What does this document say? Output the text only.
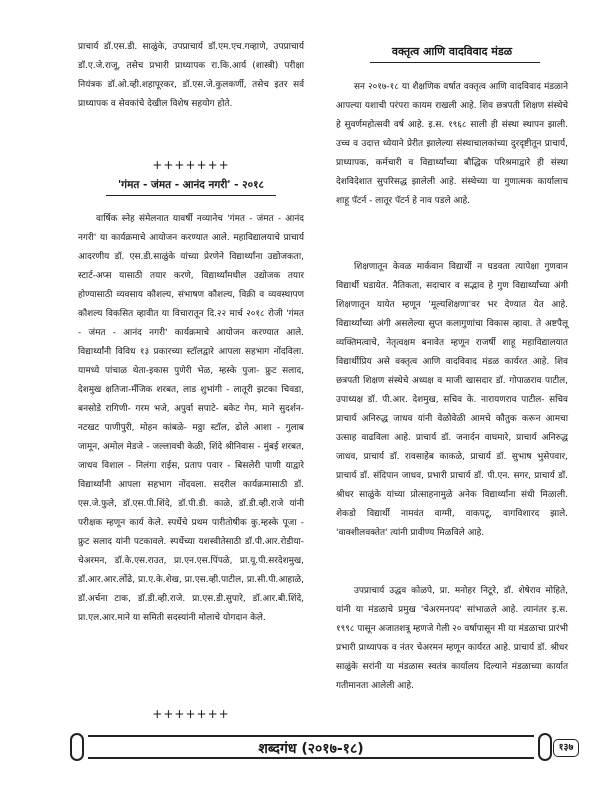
प्राचार्य डॉ.एस.डी. साळुंके, उपप्राचार्य डॉ.एम.एच.गव्हाणे, उपप्राचार्य डॉ.ए.जे.राजू, तसेच प्रभारी प्राध्यापक रा.कि.आर्य (शास्त्री) परीक्षा नियंत्रक डॉ.ओ.व्ही.शहापूरकर, डॉ.एस.जे.कुलकर्णी, तसेच इतर सर्व प्राध्यापक व सेवकांचे देखील विशेष सहयोग होते.

+++++++
'गंमत - जंमत - आनंद नगरी' - २०१८

वार्षिक स्नेह संमेलनात यावर्षी नव्यानेच 'गंमत - जंमत - आनंद नगरी' या कार्यक्रमाचे आयोजन करण्यात आले. महाविद्यालयाचे प्राचार्य आदरणीय डॉ. एस.डी.साळुंके यांच्या प्रेरणेने विद्यार्थ्यांना उद्योजकता, स्टार्ट-अप्स यासाठी तयार करणे, विद्यार्थ्यांमधील उद्योजक तयार होण्यासाठी व्यवसाय कौशल्य, संभाषण कौशल्य, विक्री व व्यवस्थापण कौशल्य विकसित व्हावीत या विचारातून दि.२२ मार्च २०१८ रोजी 'गंमत - जंमत - आनंद नगरी' कार्यक्रमाचे आयोजन करण्यात आले. विद्यार्थ्यांनी विविध १३ प्रकारच्या स्टॉलद्वारे आपला सहभाग नोंदविला. यामध्ये पांचाळ थेता-इकास पुणेरी भेळ, म्हस्के पुजा- फ्रुट सलाद, देशमुख क्षतिजा-मँजिक शरबत, लाड शुभांगी - लातूरी झटका चिवडा, बनसोडे रागिणी- गरम भजे, अपुर्वा सपाटे- बकेट गेम, माने सुदर्शन-नटखट पाणीपुरी, मोहन कांबळे- मठ्ठा स्टॉल, ढोले आशा - गुलाब जामून, अमोल मेडजे - जल्लावची केळी, शिंदे श्रीनिवास - मुंबई शरबत, जाधव विशाल - निलंगा राईस, प्रताप पवार - बिसलेरी पाणी याद्वारे विद्यार्थ्यांनी आपला सहभाग नोंदवला. सदरील कार्यक्रमासाठी डॉ. एस.जे.फुले, डॉ.एस.पी.शिंदे, डॉ.पी.डी. काळे, डॉ.डी.व्ही.राजे यांनी परीक्षक म्हणून कार्य केले. स्पर्धेचे प्रथम पारीतोषीक कु.म्हस्के पूजा - फ्रुट सलाद यांनी पटकावले. स्पर्धेच्या यशस्वीतेसाठी डॉ.पी.आर.रोडीया-चेअरमन, डॉ.के.एस.राउत, प्रा.एन.एस.पिंपळे, प्रा.यू.पी.सरदेशमुख, डॉ.आर.आर.लोंढे, प्रा.ए.के.शेख, प्रा.एस.व्ही.पाटील, प्रा.सी.पी.आहाळे, डॉ.अर्चना टाक, डॉ.डी.व्ही.राजे. प्रा.एस.डी.सुपारे, डॉ.आर.बी.शिंदे, प्रा.एल.आर.माने या समिती सदस्यांनी मोलाचे योगदान केले.

+++++++
वक्तृत्व आणि वादविवाद मंडळ

सन २०१७-१८ या शैक्षणिक वर्षात वक्तृत्व आणि वादविवाद मंडळाने आपल्या यशाची परंपरा कायम राखली आहे. शिव छत्रपती शिक्षण संस्थेचे हे सुवर्णमहोत्सवी वर्ष आहे. इ.स. १९६८ साली ही संस्था स्थापन झाली. उच्च व उदात्त ध्येयाने प्रेरीत झालेल्या संस्थाचालकांच्या दुरदृष्टीतून प्राचार्य, प्राध्यापक, कर्मचारी व विद्यार्थ्यांच्या बौद्धिक परिश्रमाद्वारे ही संस्था देशविदेशात सुपरिसद्ध झालेली आहे. संस्थेच्या या गुणात्मक कार्यालाच शाहू पॅटर्न - लातूर पॅटर्न हे नाव पडले आहे.

शिक्षणातून केवळ मार्कवान विद्यार्थी न घडवता त्यापेक्षा गुणवान विद्यार्थी घडायेत. नैतिकता, सदाचार व सद्भाव हे गुण विद्यार्थ्यांच्या अंगी शिक्षणातून यायेत म्हणून 'मूल्यशिक्षणा'वर भर देण्यात येत आहे. विद्यार्थ्यांच्या अंगी असलेल्या सुप्त कलागुणांचा विकास व्हावा. ते अष्टपैलू व्यक्तिमत्वाचे, नेतृत्वक्षम बनावेत म्हणून राजर्षी शाहू महाविद्यालयात विद्यार्थीप्रिय असे वक्तृत्व आणि वादविवाद मंडळ कार्यरत आहे. शिव छत्रपती शिक्षण संस्थेचे अध्यक्ष व माजी खासदार डॉ. गोपाळराव पाटील, उपाध्यक्ष डॉ. पी.आर. देशमुख, सचिव के. नारायणराव पाटील- सचिव प्राचार्य अनिरुद्ध जाधव यांनी वेळोवेळी आमचे कौतुक करून आमचा उत्साह वाढविला आहे. प्राचार्य डॉ. जनार्दन वाघमारे, प्राचार्य अनिरुद्ध जाधव, प्राचार्य डॉ. रावसाहेब काकळे, प्राचार्य डॉ. सुभाष भुसेपवार, प्राचार्य डॉ. संदिपान जाधव, प्रभारी प्राचार्य डॉ. पी.एन. सगर, प्राचार्य डॉ. श्रीधर साळुंके यांच्या प्रोत्साहनामुळे अनेक विद्यार्थ्यांना संधी मिळाली. शेकडो विद्यार्थी नामवंत वाग्मी, वाकपटू, वागविशारद झाले. 'वाक्शीलवक्तेत' त्यांनी प्रावीण्य मिळविले आहे.

उपप्राचार्य उद्धव कोळपे, प्रा. मनोहर निटूरे, डॉ. शेषेराव मोहिते, यांनी या मंडळाचे प्रमुख 'चेअरमनपद' सांभाळले आहे. त्यानंतर इ.स. १९९८ पासून अजातशत्रू म्हणजे गेली २० वर्षापासून मी या मंडळाचा प्रारंभी प्रभारी प्राध्यापक व नंतर चेअरमन म्हणून कार्यरत आहे. प्राचार्य डॉ. श्रीधर साळुंके सरांनी या मंडळास स्वतंत्र कार्यालय दिल्याने मंडळाच्या कार्यात गतीमानता आलेली आहे.

शब्दगंध (२०१७-१८)	१३७
